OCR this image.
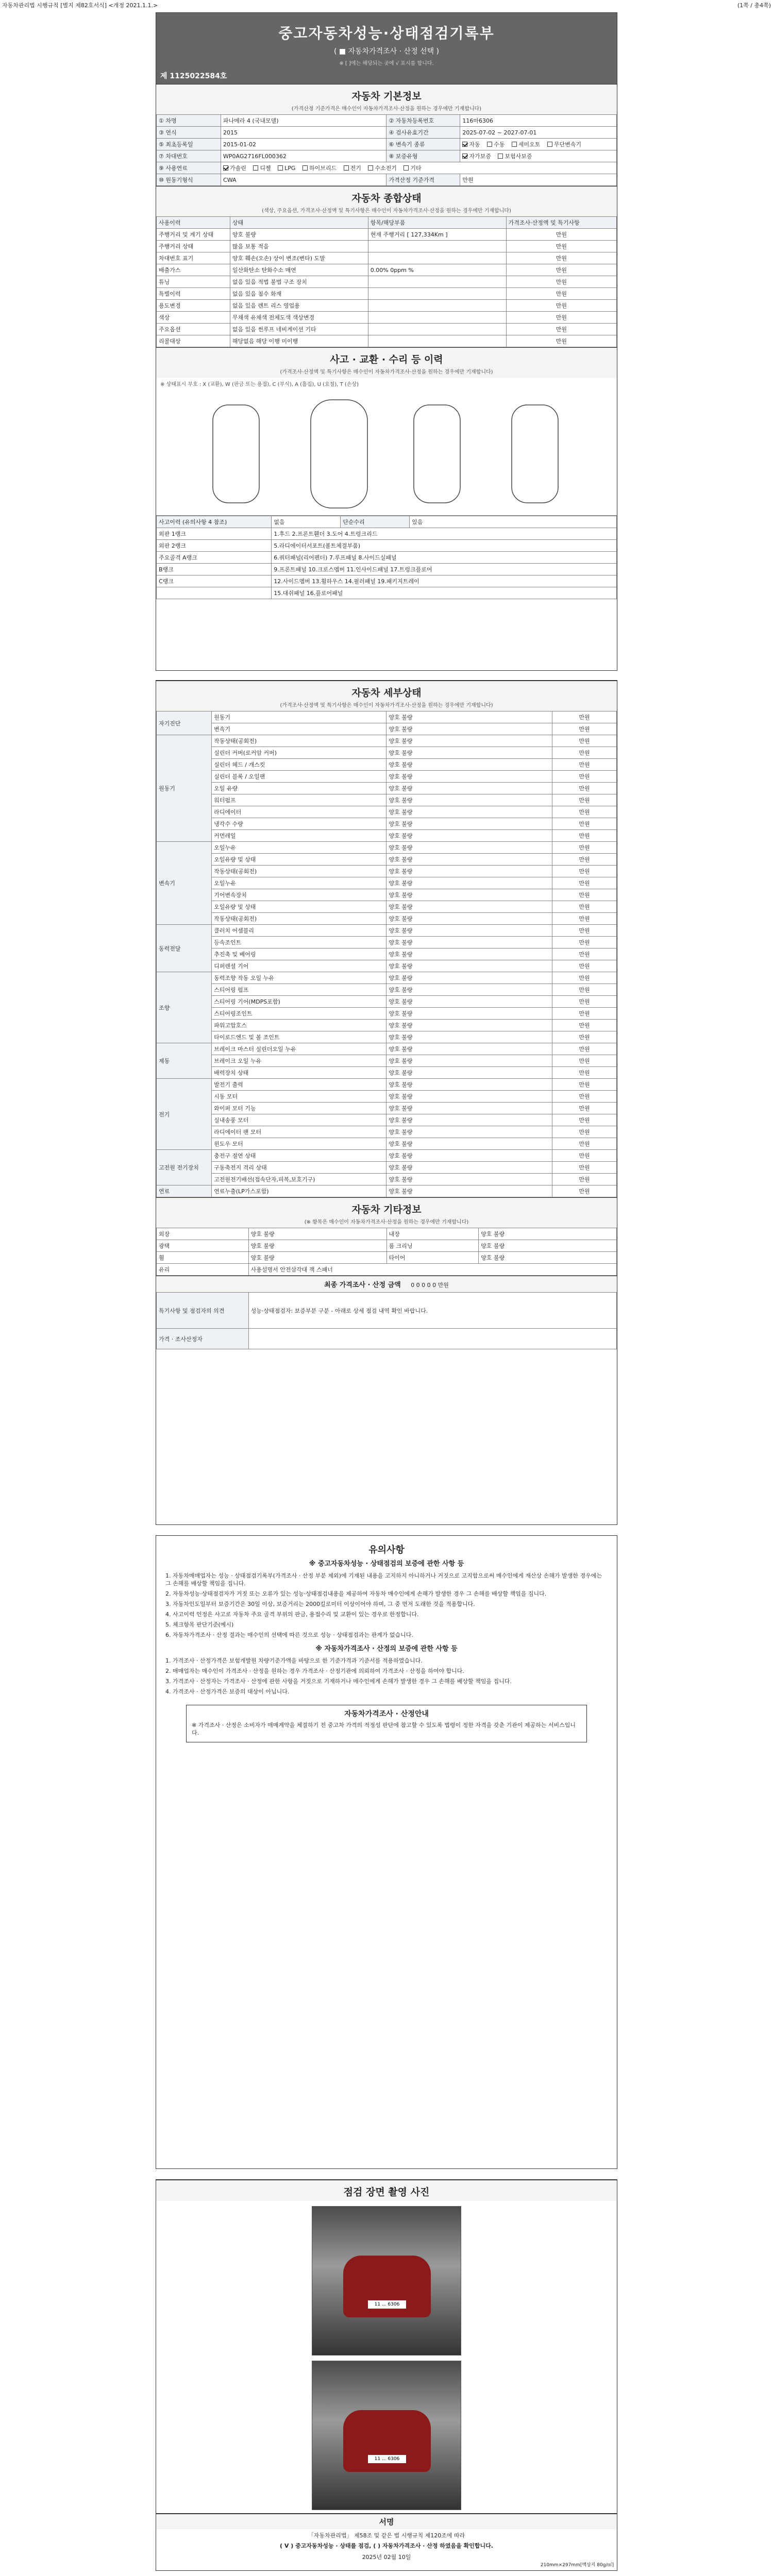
자동차관리법 시행규칙 [별지 제82호서식] <개정 2021.1.1.>	(1쪽 / 총4쪽)
중고자동차성능·상태점검기록부
( ■ 자동차가격조사 · 산정 선택 )
※ [ ]에는 해당되는 곳에 √ 표시를 합니다.
제 1125022584호
자동차 기본정보
(가격산정 기준가격은 매수인이 자동차가격조사·산정을 원하는 경우에만 기재합니다)
① 차명	파나메라 4 (국내모델)	② 자동차등록번호	116마6306
③ 연식	2015	④ 검사유효기간	2025-07-02 ~ 2027-07-01
⑤ 최초등록일	2015-01-02	⑥ 변속기 종류	자동 수동 세미오토 무단변속기
⑦ 차대번호	WP0AG2716FL000362	⑧ 보증유형	자가보증 보험사보증
⑨ 사용연료	가솔린 디젤 LPG 하이브리드 전기 수소전기 기타		
⑩ 원동기형식	CWA	가격산정 기준가격	만원
자동차 종합상태
(색상, 주요옵션, 가격조사·산정액 및 특기사항은 매수인이 자동차가격조사·산정을 원하는 경우에만 기재합니다)
사용이력	상태	항목/해당부품	가격조사·산정액 및 특기사항
주행거리 및 계기 상태	양호 불량	현재 주행거리 [ 127,334Km ]	만원
주행거리 상태	많음 보통 적음		만원
차대번호 표기	양호 훼손(오손) 상이 변조(변타) 도말		만원
배출가스	일산화탄소 탄화수소 매연	0.00% 0ppm %	만원
튜닝	없음 있음 적법 불법 구조 장치		만원
특별이력	없음 있음 침수 화재		만원
용도변경	없음 있음 렌트 리스 영업용		만원
색상	무채색 유채색 전체도색 색상변경		만원
주요옵션	없음 있음 썬루프 네비게이션 기타		만원
리콜대상	해당없음 해당 이행 미이행		만원
사고 · 교환 · 수리 등 이력
(가격조사·산정액 및 특기사항은 매수인이 자동차가격조사·산정을 원하는 경우에만 기재합니다)
※ 상태표시 부호 : X (교환), W (판금 또는 용접), C (부식), A (흠집), U (요철), T (손상)
사고이력 (유의사항 4 참조)	없음	단순수리	있음
외판 1랭크	1.후드 2.프론트휀더 3.도어 4.트렁크리드		
외판 2랭크	5.라디에이터서포트(볼트체결부품)		
주요골격 A랭크	6.쿼터패널(리어펜더) 7.루프패널 8.사이드실패널		
B랭크	9.프론트패널 10.크로스멤버 11.인사이드패널 17.트렁크플로어		
C랭크	12.사이드멤버 13.휠하우스 14.필러패널 19.패키지트레이		
	15.대쉬패널 16.플로어패널		
자동차 세부상태
(가격조사·산정액 및 특기사항은 매수인이 자동차가격조사·산정을 원하는 경우에만 기재합니다)
자기진단	원동기	양호 불량	만원
	변속기	양호 불량	만원
원동기	작동상태(공회전)	양호 불량	만원
	실린더 커버(로커암 커버)	양호 불량	만원
	실린더 헤드 / 개스킷	양호 불량	만원
	실린더 블록 / 오일팬	양호 불량	만원
	오일 유량	양호 불량	만원
	워터펌프	양호 불량	만원
	라디에이터	양호 불량	만원
	냉각수 수량	양호 불량	만원
	커먼레일	양호 불량	만원
변속기	오일누유	양호 불량	만원
	오일유량 및 상태	양호 불량	만원
	작동상태(공회전)	양호 불량	만원
	오일누유	양호 불량	만원
	기어변속장치	양호 불량	만원
	오일유량 및 상태	양호 불량	만원
	작동상태(공회전)	양호 불량	만원
동력전달	클러치 어셈블리	양호 불량	만원
	등속조인트	양호 불량	만원
	추진축 및 베어링	양호 불량	만원
	디퍼렌셜 기어	양호 불량	만원
조향	동력조향 작동 오일 누유	양호 불량	만원
	스티어링 펌프	양호 불량	만원
	스티어링 기어(MDPS포함)	양호 불량	만원
	스티어링조인트	양호 불량	만원
	파워고압호스	양호 불량	만원
	타이로드엔드 및 볼 조인트	양호 불량	만원
제동	브레이크 마스터 실린더오일 누유	양호 불량	만원
	브레이크 오일 누유	양호 불량	만원
	배력장치 상태	양호 불량	만원
전기	발전기 출력	양호 불량	만원
	시동 모터	양호 불량	만원
	와이퍼 모터 기능	양호 불량	만원
	실내송풍 모터	양호 불량	만원
	라디에이터 팬 모터	양호 불량	만원
	윈도우 모터	양호 불량	만원
고전원 전기장치	충전구 절연 상태	양호 불량	만원
	구동축전지 격리 상태	양호 불량	만원
	고전원전기배선(접속단자,피복,보호기구)	양호 불량	만원
연료	연료누출(LP가스포함)	양호 불량	만원
자동차 기타정보
(※ 항목은 매수인이 자동차가격조사·산정을 원하는 경우에만 기재합니다)
외장	양호 불량	내장	양호 불량
광택	양호 불량	룸 크리닝	양호 불량
휠	양호 불량	타이어	양호 불량
유리	사용설명서 안전삼각대 잭 스패너		
최종 가격조사 · 산정 금액 0 0 0 0 0 만원
특기사항 및 점검자의 의견	성능·상태점검자: 보증부분 구분 - 아래로 상세 점검 내역 확인 바랍니다.
가격 · 조사산정자	
유의사항
※ 중고자동차성능 · 상태점검의 보증에 관한 사항 등

1. 자동차매매업자는 성능 · 상태점검기록부(가격조사 · 산정 부분 제외)에 기재된 내용을 고지하지 아니하거나 거짓으로 고지함으로써 매수인에게 재산상 손해가 발생한 경우에는 그 손해를 배상할 책임을 집니다.

2. 자동차성능·상태점검자가 거짓 또는 오류가 있는 성능·상태점검내용을 제공하여 자동차 매수인에게 손해가 발생한 경우 그 손해를 배상할 책임을 집니다.

3. 자동차인도일부터 보증기간은 30일 이상, 보증거리는 2000킬로미터 이상이어야 하며, 그 중 먼저 도래한 것을 적용합니다.

4. 사고이력 인정은 사고로 자동차 주요 골격 부위의 판금, 용접수리 및 교환이 있는 경우로 한정합니다.

5. 체크항목 판단기준(예시)

6. 자동차가격조사 · 산정 결과는 매수인의 선택에 따른 것으로 성능 · 상태점검과는 관계가 없습니다.

※ 자동차가격조사 · 산정의 보증에 관한 사항 등

1. 가격조사 · 산정가격은 보험개발원 차량기준가액을 바탕으로 한 기준가격과 기준서를 적용하였습니다.

2. 매매업자는 매수인이 가격조사 · 산정을 원하는 경우 가격조사 · 산정기관에 의뢰하여 가격조사 · 산정을 하여야 합니다.

3. 가격조사 · 산정자는 가격조사 · 산정에 관한 사항을 거짓으로 기재하거나 매수인에게 손해가 발생한 경우 그 손해를 배상할 책임을 집니다.

4. 가격조사 · 산정가격은 보증의 대상이 아닙니다.

자동차가격조사 · 산정안내
※ 가격조사 · 산정은 소비자가 매매계약을 체결하기 전 중고차 가격의 적정성 판단에 참고할 수 있도록 법령이 정한 자격을 갖춘 기관이 제공하는 서비스입니다.
점검 장면 촬영 사진
11 ... 6306
11 ... 6306
서명
「자동차관리법」 제58조 및 같은 법 시행규칙 제120조에 따라
( V ) 중고자동차성능 · 상태를 점검, ( ) 자동차가격조사 · 산정 하였음을 확인합니다.
2025년 02월 10일
210mm×297mm[백상지 80g/㎡]
